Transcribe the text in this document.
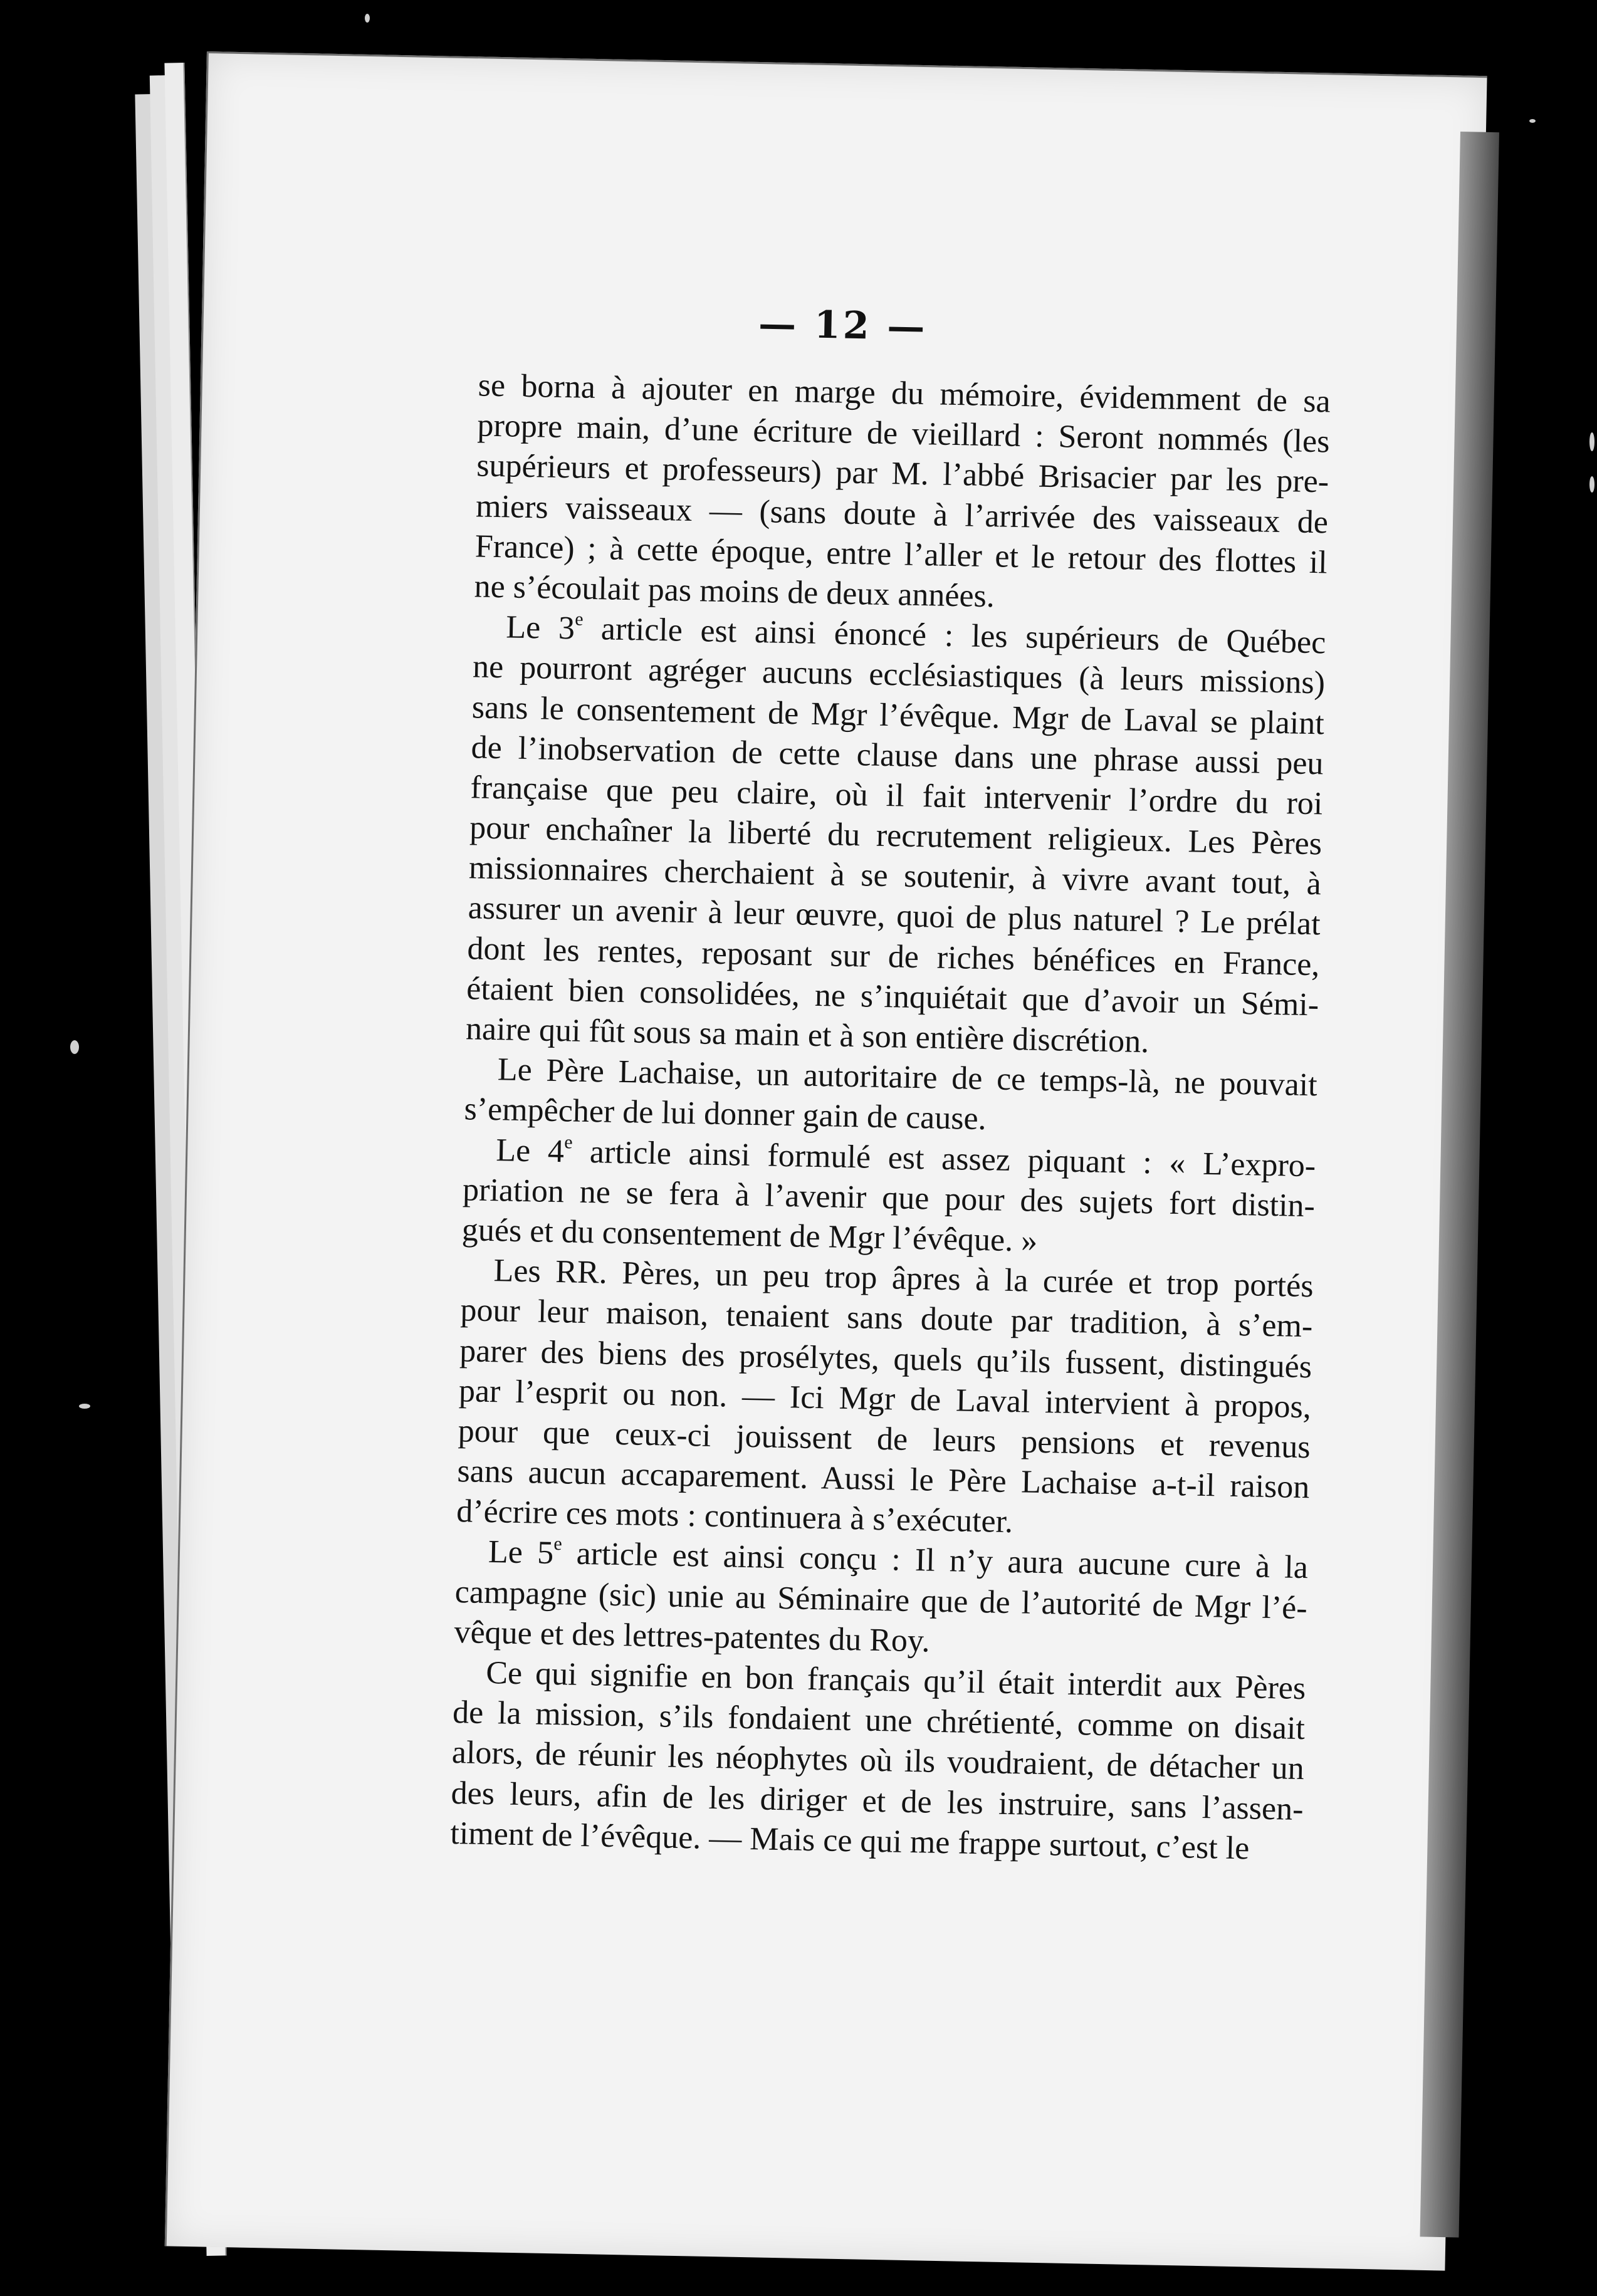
— 12 —
se borna à ajouter en marge du mémoire, évidemment de sa
propre main, d’une écriture de vieillard : Seront nommés (les
supérieurs et professeurs) par M. l’abbé Brisacier par les pre-
miers vaisseaux — (sans doute à l’arrivée des vaisseaux de
France) ; à cette époque, entre l’aller et le retour des flottes il
ne s’écoulait pas moins de deux années.
Le 3e article est ainsi énoncé : les supérieurs de Québec
ne pourront agréger aucuns ecclésiastiques (à leurs missions)
sans le consentement de Mgr l’évêque. Mgr de Laval se plaint
de l’inobservation de cette clause dans une phrase aussi peu
française que peu claire, où il fait intervenir l’ordre du roi
pour enchaîner la liberté du recrutement religieux. Les Pères
missionnaires cherchaient à se soutenir, à vivre avant tout, à
assurer un avenir à leur œuvre, quoi de plus naturel ? Le prélat
dont les rentes, reposant sur de riches bénéfices en France,
étaient bien consolidées, ne s’inquiétait que d’avoir un Sémi-
naire qui fût sous sa main et à son entière discrétion.
Le Père Lachaise, un autoritaire de ce temps-là, ne pouvait
s’empêcher de lui donner gain de cause.
Le 4e article ainsi formulé est assez piquant : « L’expro-
priation ne se fera à l’avenir que pour des sujets fort distin-
gués et du consentement de Mgr l’évêque. »
Les RR. Pères, un peu trop âpres à la curée et trop portés
pour leur maison, tenaient sans doute par tradition, à s’em-
parer des biens des prosélytes, quels qu’ils fussent, distingués
par l’esprit ou non. — Ici Mgr de Laval intervient à propos,
pour que ceux-ci jouissent de leurs pensions et revenus
sans aucun accaparement. Aussi le Père Lachaise a-t-il raison
d’écrire ces mots : continuera à s’exécuter.
Le 5e article est ainsi conçu : Il n’y aura aucune cure à la
campagne (sic) unie au Séminaire que de l’autorité de Mgr l’é-
vêque et des lettres-patentes du Roy.
Ce qui signifie en bon français qu’il était interdit aux Pères
de la mission, s’ils fondaient une chrétienté, comme on disait
alors, de réunir les néophytes où ils voudraient, de détacher un
des leurs, afin de les diriger et de les instruire, sans l’assen-
timent de l’évêque. — Mais ce qui me frappe surtout, c’est le
